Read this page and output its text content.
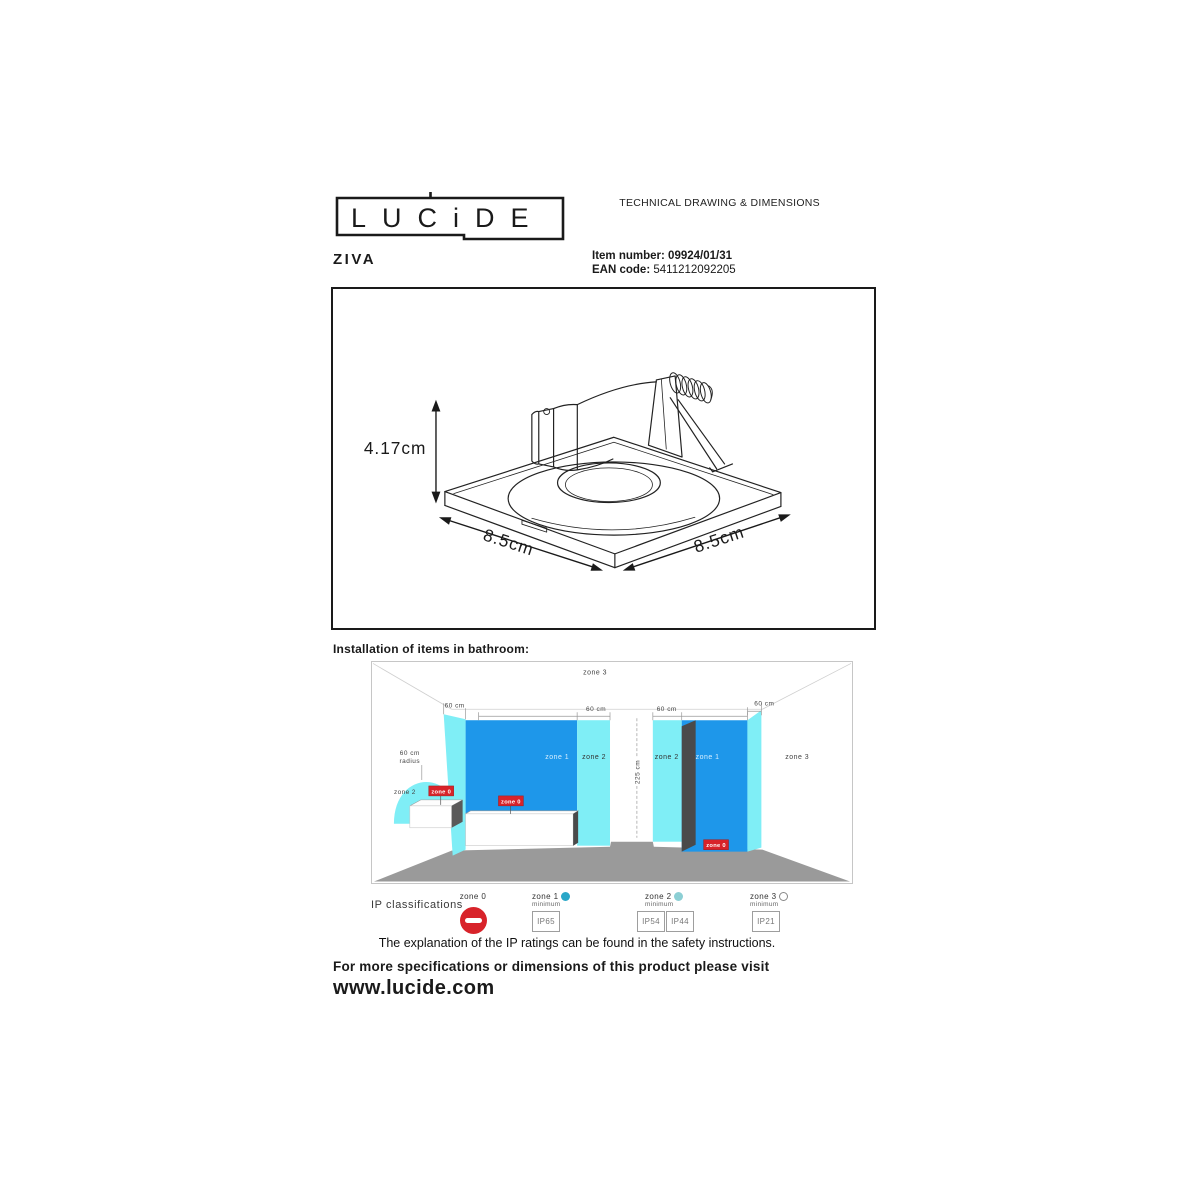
LUCiDE	TECHNICAL DRAWING & DIMENSIONS
ZIVA	Item number: 09924/01/31
EAN code: 5411212092205
4.17cm
8.5cm	8.5cm
Installation of items in bathroom:
zone 3
225 cm
60 cm
60 cm	60 cm
60 cm
60 cm
radius
zone 1 zone 2	zone 2 zone 1	zone 3
zone 2	zone 0
zone 0
zone 0
IP classifications
zone 0	zone 1
minimum
IP65
zone 2
minimum
IP54	IP44
zone 3
minimum
IP21
The explanation of the IP ratings can be found in the safety instructions.
For more specifications or dimensions of this product please visit
www.lucide.com
